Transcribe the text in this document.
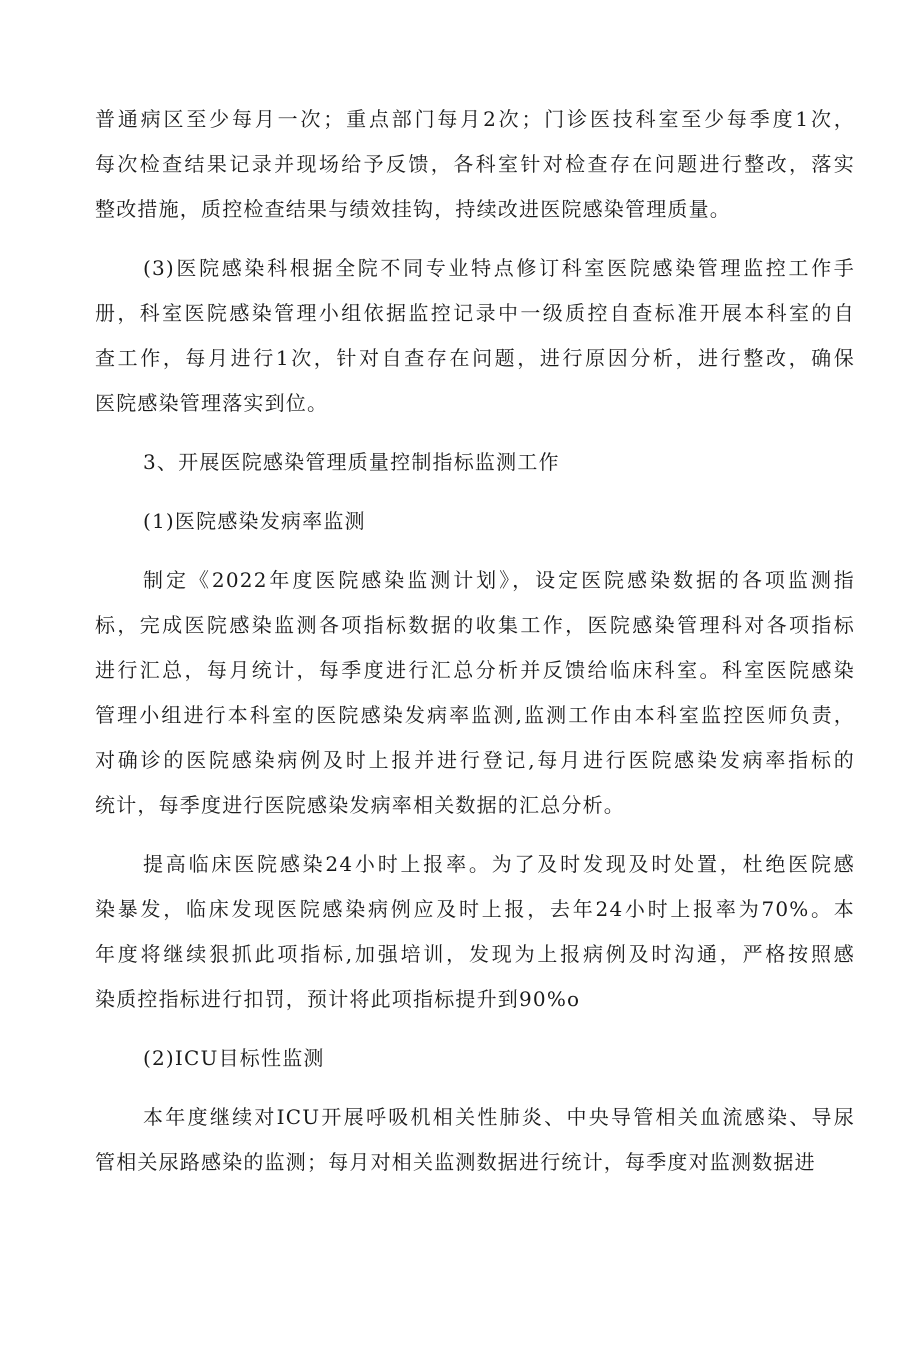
普通病区至少每月一次；重点部门每月2次；门诊医技科室至少每季度1次，
每次检查结果记录并现场给予反馈，各科室针对检查存在问题进行整改，落实
整改措施，质控检查结果与绩效挂钩，持续改进医院感染管理质量。
(3)医院感染科根据全院不同专业特点修订科室医院感染管理监控工作手
册，科室医院感染管理小组依据监控记录中一级质控自查标准开展本科室的自
查工作，每月进行1次，针对自查存在问题，进行原因分析，进行整改，确保
医院感染管理落实到位。
3、开展医院感染管理质量控制指标监测工作
(1)医院感染发病率监测
制定《2022年度医院感染监测计划》，设定医院感染数据的各项监测指
标，完成医院感染监测各项指标数据的收集工作，医院感染管理科对各项指标
进行汇总，每月统计，每季度进行汇总分析并反馈给临床科室。科室医院感染
管理小组进行本科室的医院感染发病率监测,监测工作由本科室监控医师负责，
对确诊的医院感染病例及时上报并进行登记,每月进行医院感染发病率指标的
统计，每季度进行医院感染发病率相关数据的汇总分析。
提高临床医院感染24小时上报率。为了及时发现及时处置，杜绝医院感
染暴发，临床发现医院感染病例应及时上报，去年24小时上报率为70%。本
年度将继续狠抓此项指标,加强培训，发现为上报病例及时沟通，严格按照感
染质控指标进行扣罚，预计将此项指标提升到90%o
(2)ICU目标性监测
本年度继续对ICU开展呼吸机相关性肺炎、中央导管相关血流感染、导尿
管相关尿路感染的监测；每月对相关监测数据进行统计，每季度对监测数据进
